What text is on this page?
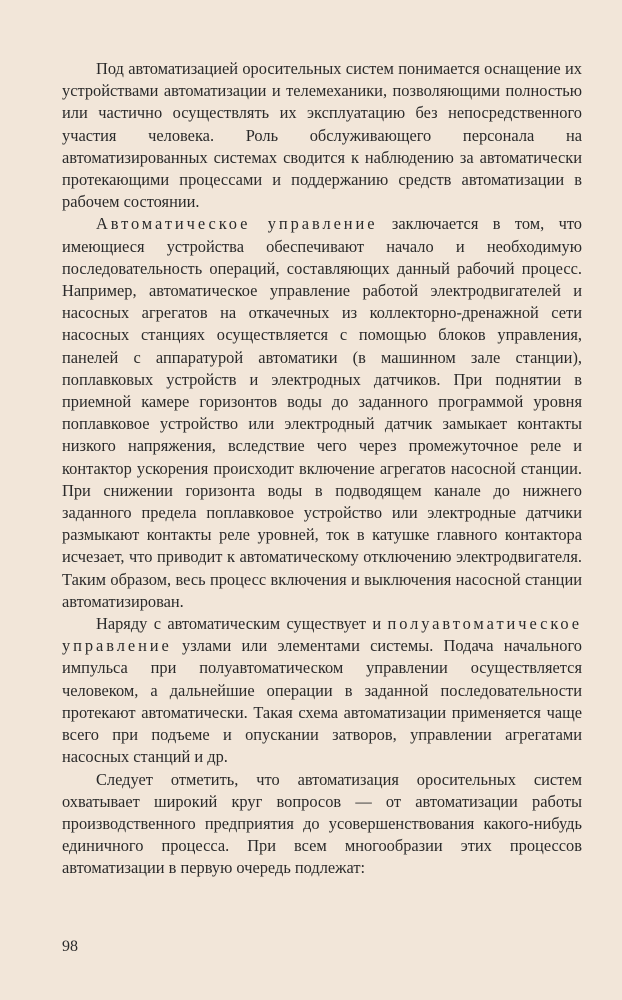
Под автоматизацией оросительных систем понимается оснащение их устройствами автоматизации и телемеханики, позволяющими полностью или частично осуществлять их эксплуатацию без непосредственного участия человека. Роль обслуживающего персонала на автоматизированных системах сводится к наблюдению за автоматически протекающими процессами и поддержанию средств автоматизации в рабочем состоянии.

Автоматическое управление заключается в том, что имеющиеся устройства обеспечивают начало и необходимую последовательность операций, составляющих данный рабочий процесс. Например, автоматическое управление работой электродвигателей и насосных агрегатов на откачечных из коллекторно-дренажной сети насосных станциях осуществляется с помощью блоков управления, панелей с аппаратурой автоматики (в машинном зале станции), поплавковых устройств и электродных датчиков. При поднятии в приемной камере горизонтов воды до заданного программой уровня поплавковое устройство или электродный датчик замыкает контакты низкого напряжения, вследствие чего через промежуточное реле и контактор ускорения происходит включение агрегатов насосной станции. При снижении горизонта воды в подводящем канале до нижнего заданного предела поплавковое устройство или электродные датчики размыкают контакты реле уровней, ток в катушке главного контактора исчезает, что приводит к автоматическому отключению электродвигателя. Таким образом, весь процесс включения и выключения насосной станции автоматизирован.

Наряду с автоматическим существует и полуавтоматическое управление узлами или элементами системы. Подача начального импульса при полуавтоматическом управлении осуществляется человеком, а дальнейшие операции в заданной последовательности протекают автоматически. Такая схема автоматизации применяется чаще всего при подъеме и опускании затворов, управлении агрегатами насосных станций и др.

Следует отметить, что автоматизация оросительных систем охватывает широкий круг вопросов — от автоматизации работы производственного предприятия до усовершенствования какого-нибудь единичного процесса. При всем многообразии этих процессов автоматизации в первую очередь подлежат:

98
